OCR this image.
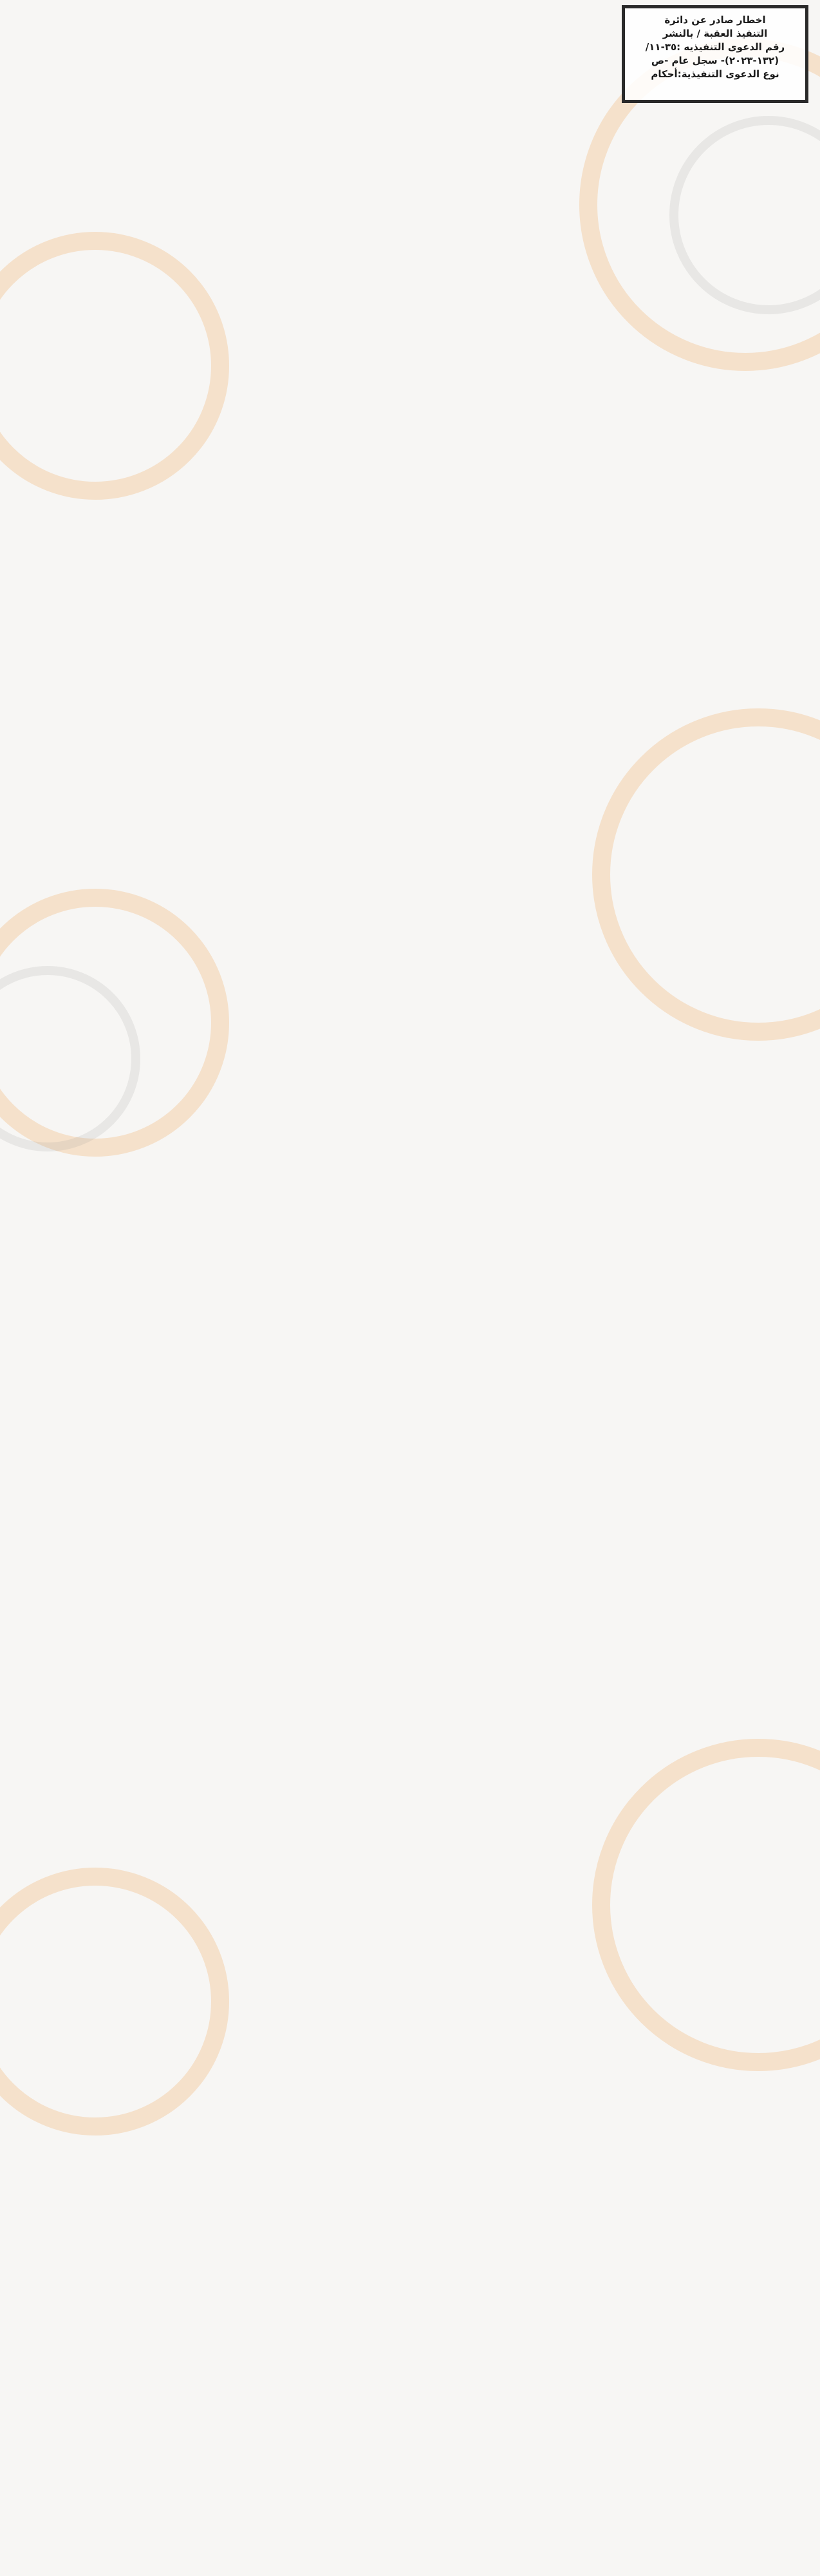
اخطار صادر عن دائرة
التنفيذ العقبة / بالنشر
رقم الدعوى التنفيذيه :٣٥-١١/
(١٣٢-٢٠٢٣)- سجل عام -ص
نوع الدعوى التنفيذية:أحكام
